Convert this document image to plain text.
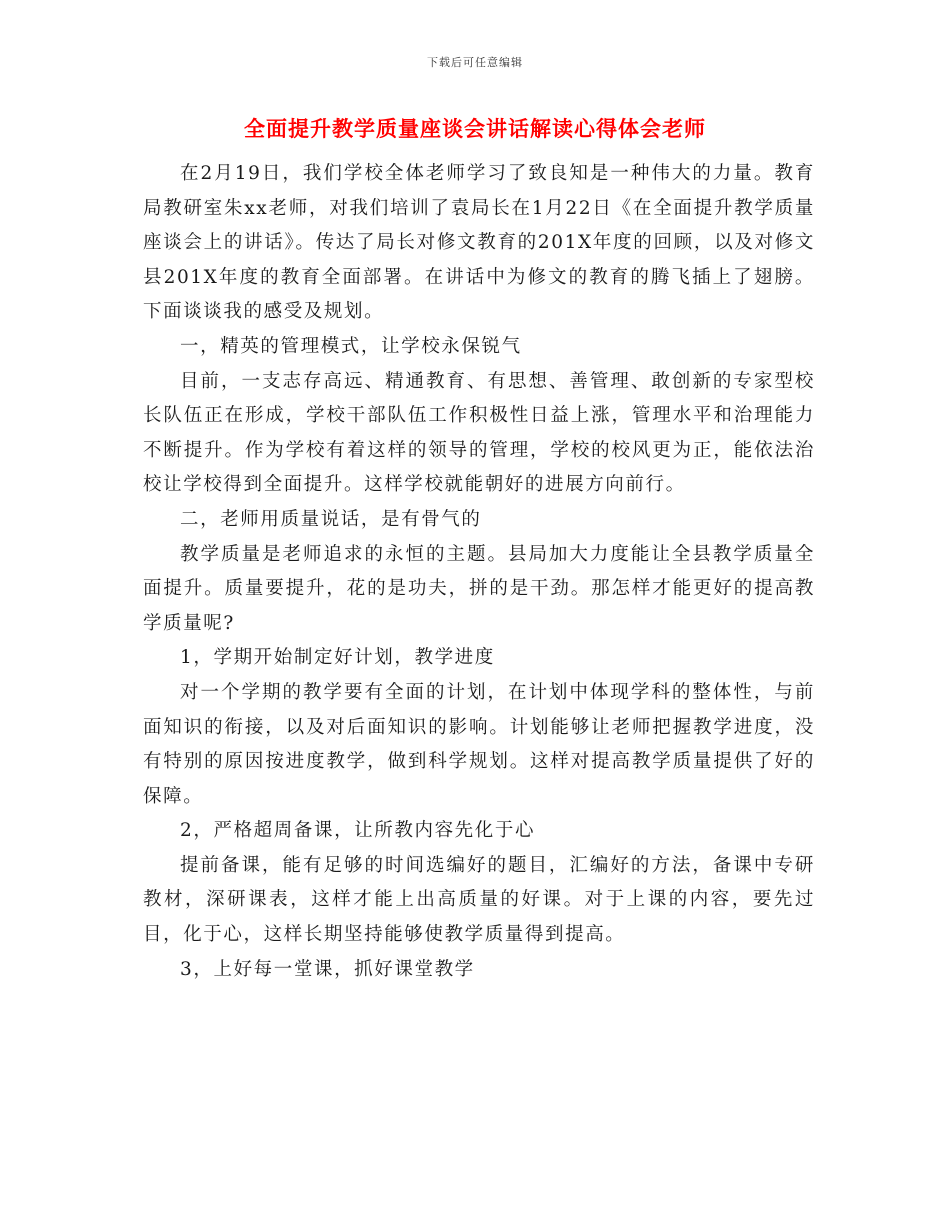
下载后可任意编辑
全面提升教学质量座谈会讲话解读心得体会老师

在2月19日，我们学校全体老师学习了致良知是一种伟大的力量。教育局教研室朱xx老师，对我们培训了袁局长在1月22日《在全面提升教学质量座谈会上的讲话》。传达了局长对修文教育的201X年度的回顾，以及对修文县201X年度的教育全面部署。在讲话中为修文的教育的腾飞插上了翅膀。下面谈谈我的感受及规划。

一，精英的管理模式，让学校永保锐气

目前，一支志存高远、精通教育、有思想、善管理、敢创新的专家型校长队伍正在形成，学校干部队伍工作积极性日益上涨，管理水平和治理能力不断提升。作为学校有着这样的领导的管理，学校的校风更为正，能依法治校让学校得到全面提升。这样学校就能朝好的进展方向前行。

二，老师用质量说话，是有骨气的

教学质量是老师追求的永恒的主题。县局加大力度能让全县教学质量全面提升。质量要提升，花的是功夫，拼的是干劲。那怎样才能更好的提高教学质量呢?

1，学期开始制定好计划，教学进度

对一个学期的教学要有全面的计划，在计划中体现学科的整体性，与前面知识的衔接，以及对后面知识的影响。计划能够让老师把握教学进度，没有特别的原因按进度教学，做到科学规划。这样对提高教学质量提供了好的保障。

2，严格超周备课，让所教内容先化于心

提前备课，能有足够的时间选编好的题目，汇编好的方法，备课中专研教材，深研课表，这样才能上出高质量的好课。对于上课的内容，要先过目，化于心，这样长期坚持能够使教学质量得到提高。

3，上好每一堂课，抓好课堂教学
